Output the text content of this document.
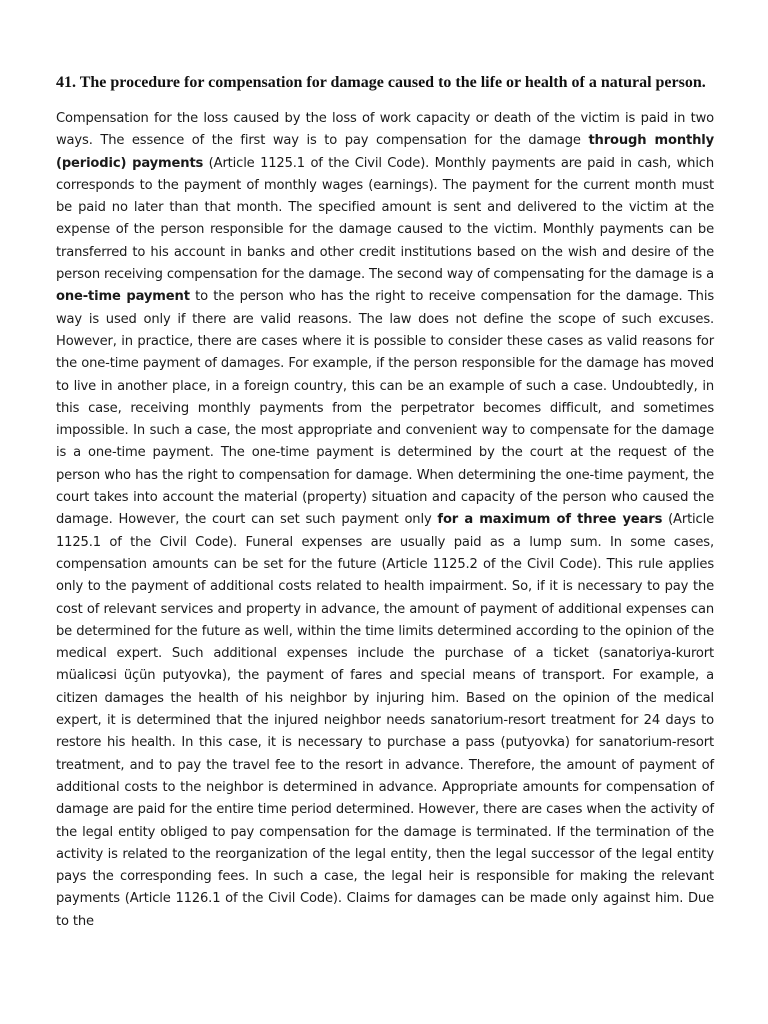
41. The procedure for compensation for damage caused to the life or health of a natural person.

Compensation for the loss caused by the loss of work capacity or death of the victim is paid in two ways. The essence of the first way is to pay compensation for the damage through monthly (periodic) payments (Article 1125.1 of the Civil Code). Monthly payments are paid in cash, which corresponds to the payment of monthly wages (earnings). The payment for the current month must be paid no later than that month. The specified amount is sent and delivered to the victim at the expense of the person responsible for the damage caused to the victim. Monthly payments can be transferred to his account in banks and other credit institutions based on the wish and desire of the person receiving compensation for the damage. The second way of compensating for the damage is a one-time payment to the person who has the right to receive compensation for the damage. This way is used only if there are valid reasons. The law does not define the scope of such excuses. However, in practice, there are cases where it is possible to consider these cases as valid reasons for the one-time payment of damages. For example, if the person responsible for the damage has moved to live in another place, in a foreign country, this can be an example of such a case. Undoubtedly, in this case, receiving monthly payments from the perpetrator becomes difficult, and sometimes impossible. In such a case, the most appropriate and convenient way to compensate for the damage is a one-time payment. The one-time payment is determined by the court at the request of the person who has the right to compensation for damage. When determining the one-time payment, the court takes into account the material (property) situation and capacity of the person who caused the damage. However, the court can set such payment only for a maximum of three years (Article 1125.1 of the Civil Code). Funeral expenses are usually paid as a lump sum. In some cases, compensation amounts can be set for the future (Article 1125.2 of the Civil Code). This rule applies only to the payment of additional costs related to health impairment. So, if it is necessary to pay the cost of relevant services and property in advance, the amount of payment of additional expenses can be determined for the future as well, within the time limits determined according to the opinion of the medical expert. Such additional expenses include the purchase of a ticket (sanatoriya-kurort müalicəsi üçün putyovka), the payment of fares and special means of transport. For example, a citizen damages the health of his neighbor by injuring him. Based on the opinion of the medical expert, it is determined that the injured neighbor needs sanatorium-resort treatment for 24 days to restore his health. In this case, it is necessary to purchase a pass (putyovka) for sanatorium-resort treatment, and to pay the travel fee to the resort in advance. Therefore, the amount of payment of additional costs to the neighbor is determined in advance. Appropriate amounts for compensation of damage are paid for the entire time period determined. However, there are cases when the activity of the legal entity obliged to pay compensation for the damage is terminated. If the termination of the activity is related to the reorganization of the legal entity, then the legal successor of the legal entity pays the corresponding fees. In such a case, the legal heir is responsible for making the relevant payments (Article 1126.1 of the Civil Code). Claims for damages can be made only against him. Due to the
